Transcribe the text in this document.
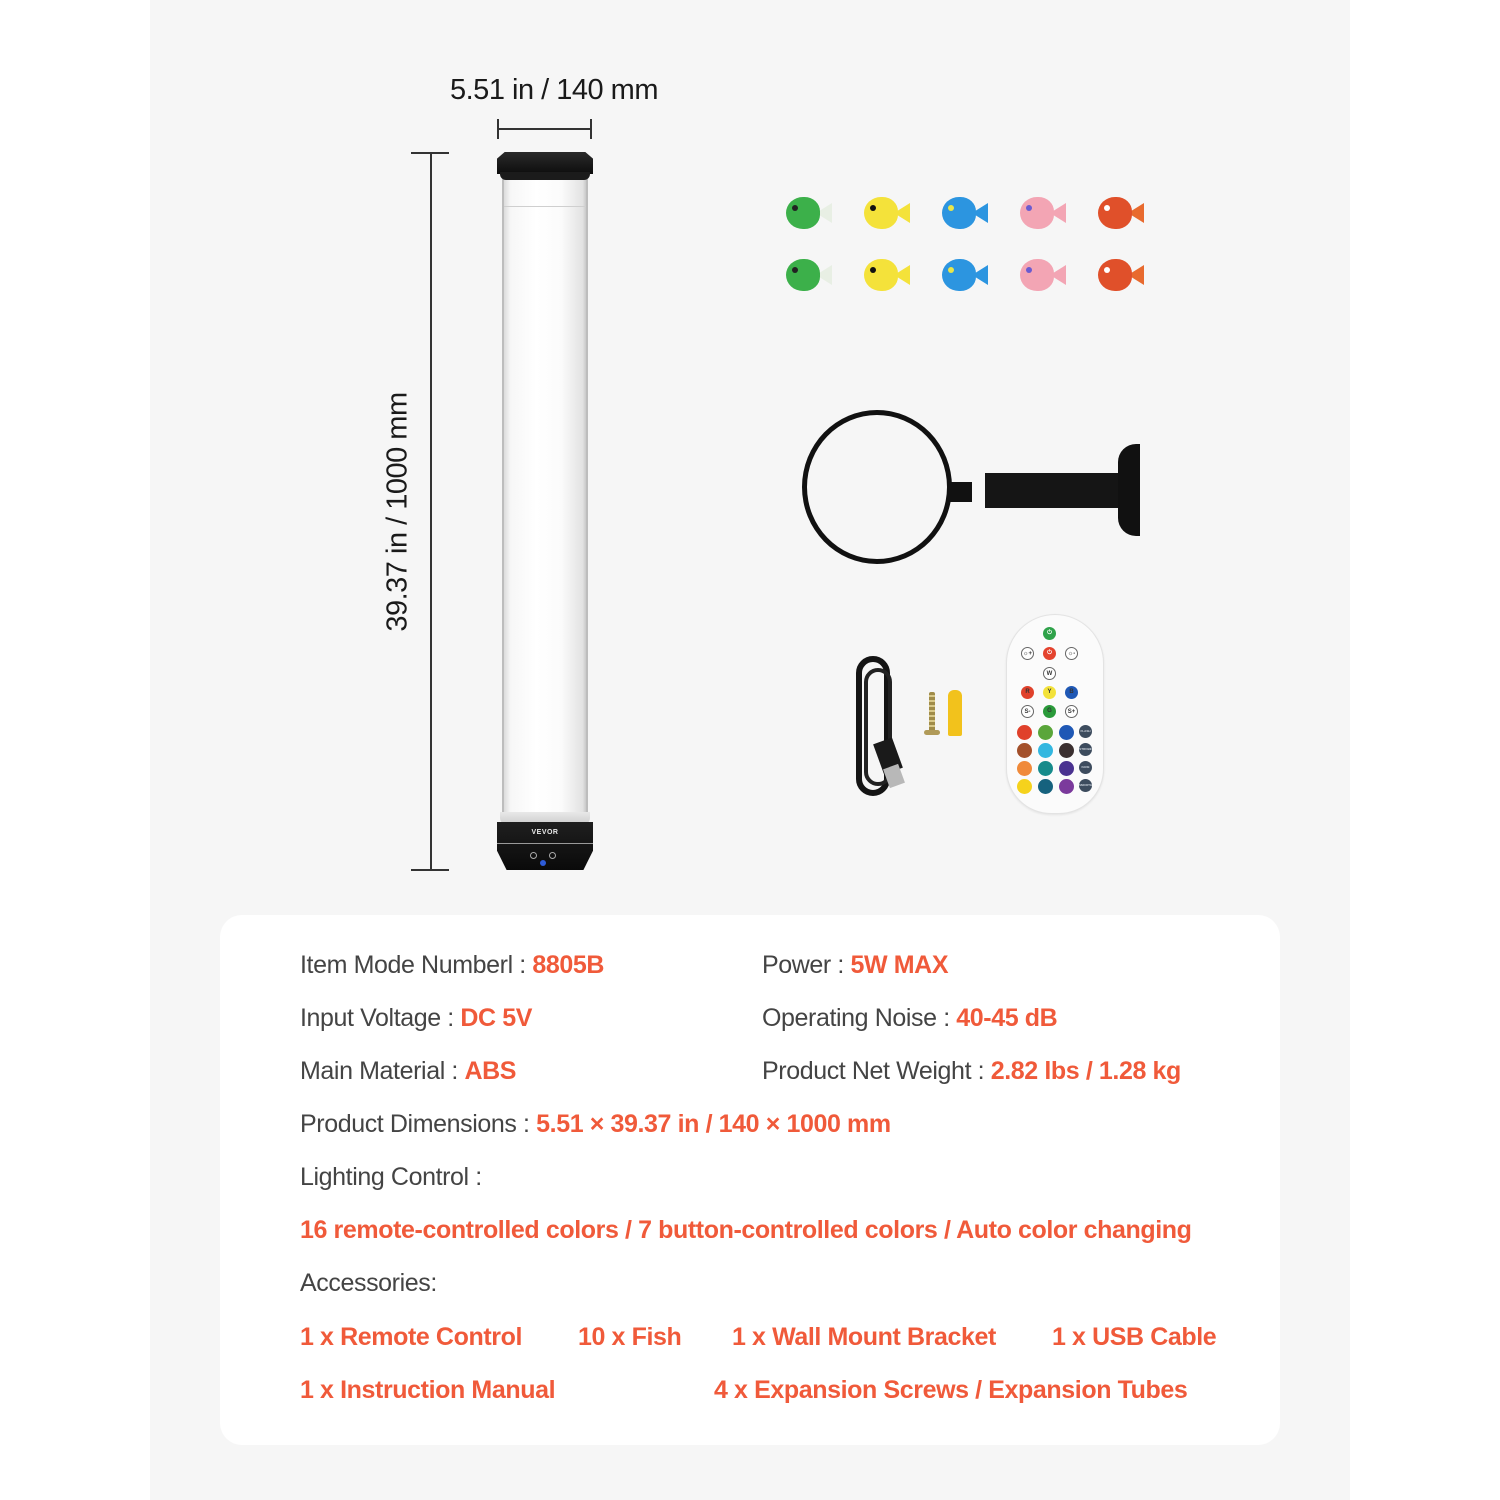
5.51 in / 140 mm
39.37 in / 1000 mm
VEVOR
⏻
☼+	⏻	☼-
W
R	Y	B
S-	G	S+
FLASH
STROBE
FADE
SMOOTH
Item Mode Numberl : 8805B	Power : 5W MAX
Input Voltage : DC 5V	Operating Noise : 40-45 dB
Main Material : ABS	Product Net Weight : 2.82 lbs / 1.28 kg
Product Dimensions : 5.51 × 39.37 in / 140 × 1000 mm
Lighting Control :
16 remote-controlled colors / 7 button-controlled colors / Auto color changing
Accessories:
1 x Remote Control 10 x Fish 1 x Wall Mount Bracket 1 x USB Cable
1 x Instruction Manual	4 x Expansion Screws / Expansion Tubes
